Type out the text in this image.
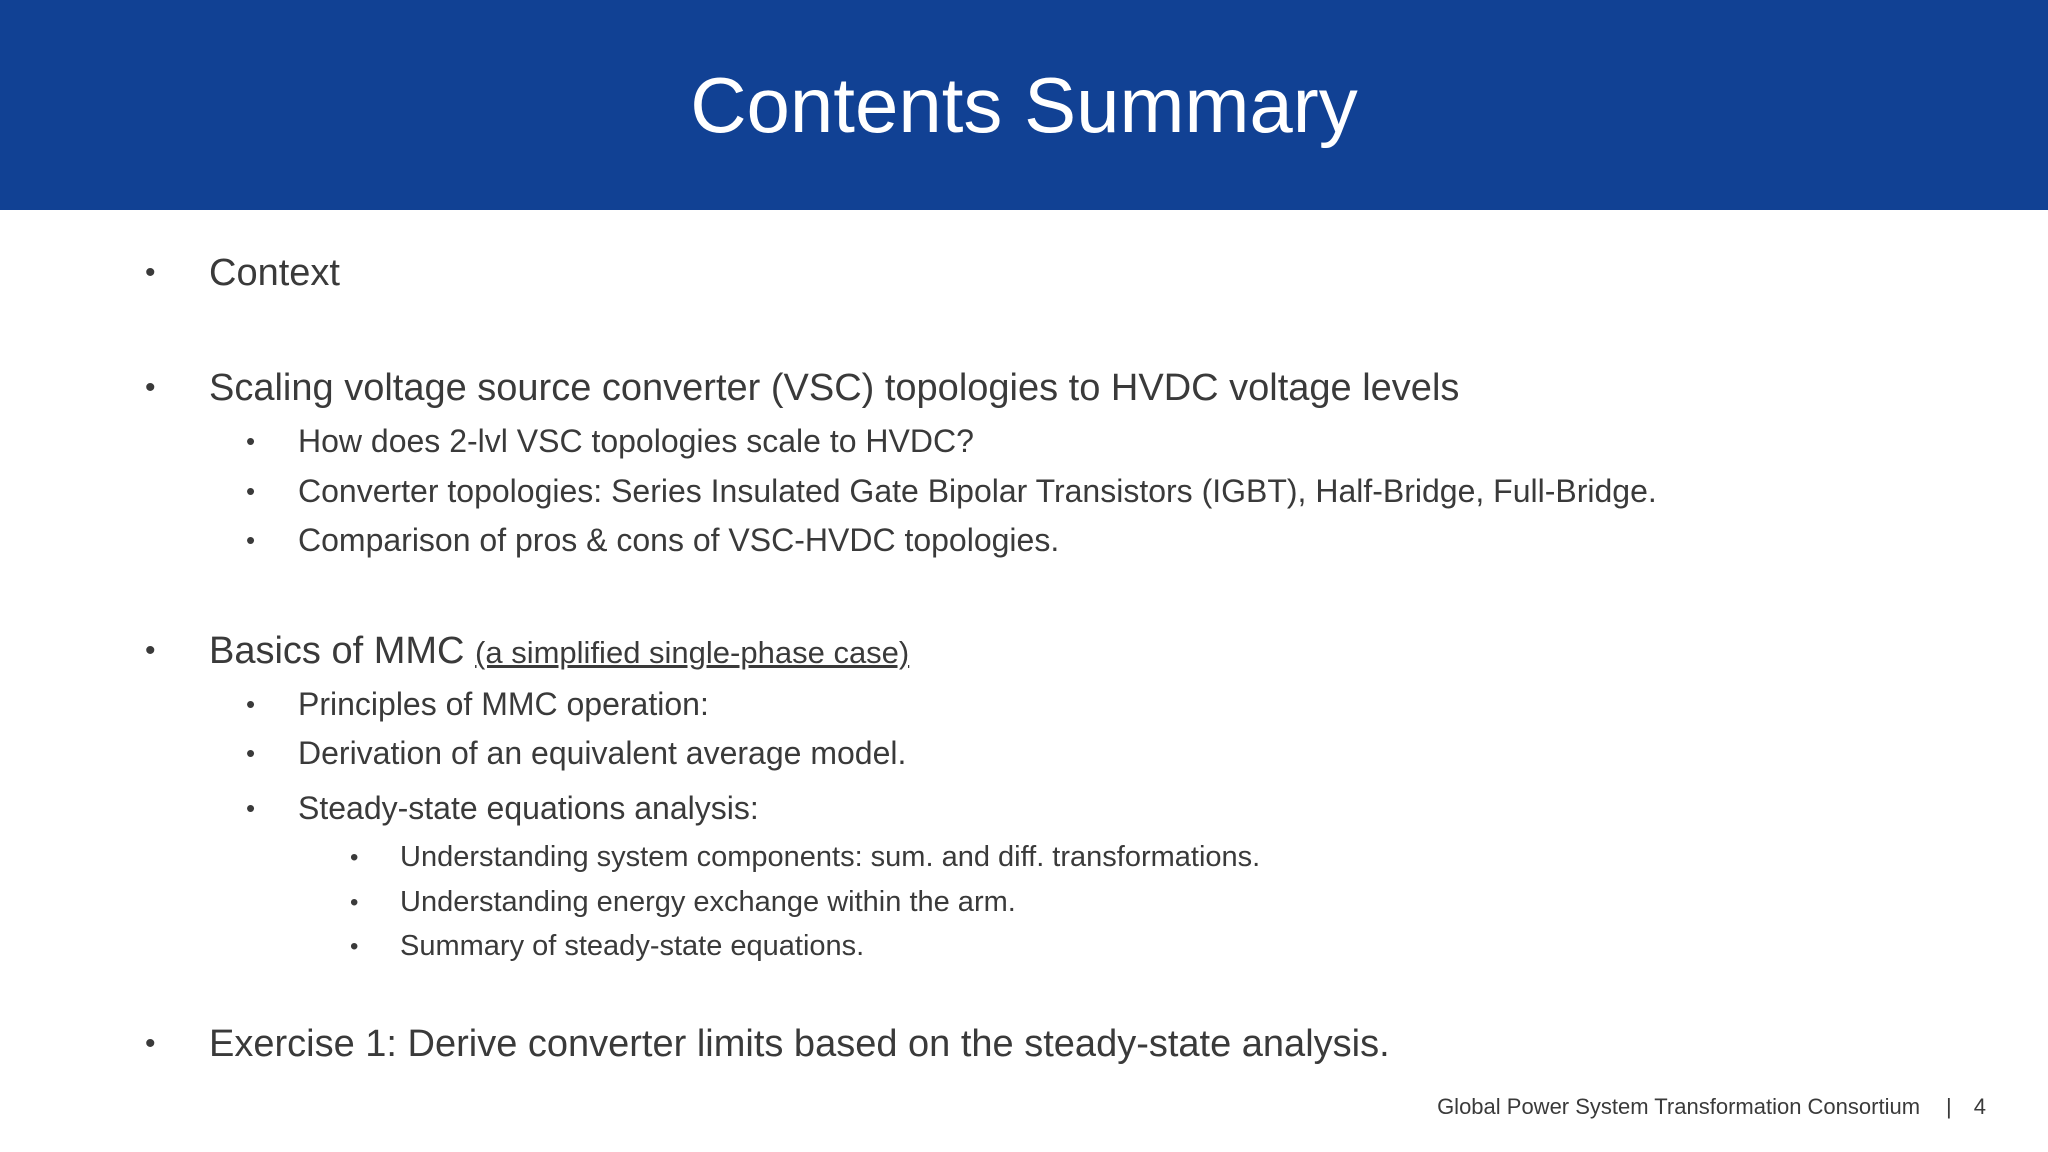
Contents Summary
• Context
• Scaling voltage source converter (VSC) topologies to HVDC voltage levels
• How does 2-lvl VSC topologies scale to HVDC?
• Converter topologies: Series Insulated Gate Bipolar Transistors (IGBT), Half-Bridge, Full-Bridge.
• Comparison of pros & cons of VSC-HVDC topologies.
• Basics of MMC (a simplified single-phase case)
• Principles of MMC operation:
• Derivation of an equivalent average model.
• Steady-state equations analysis:
• Understanding system components: sum. and diff. transformations.
• Understanding energy exchange within the arm.
• Summary of steady-state equations.
• Exercise 1: Derive converter limits based on the steady-state analysis.
Global Power System Transformation Consortium | 4
